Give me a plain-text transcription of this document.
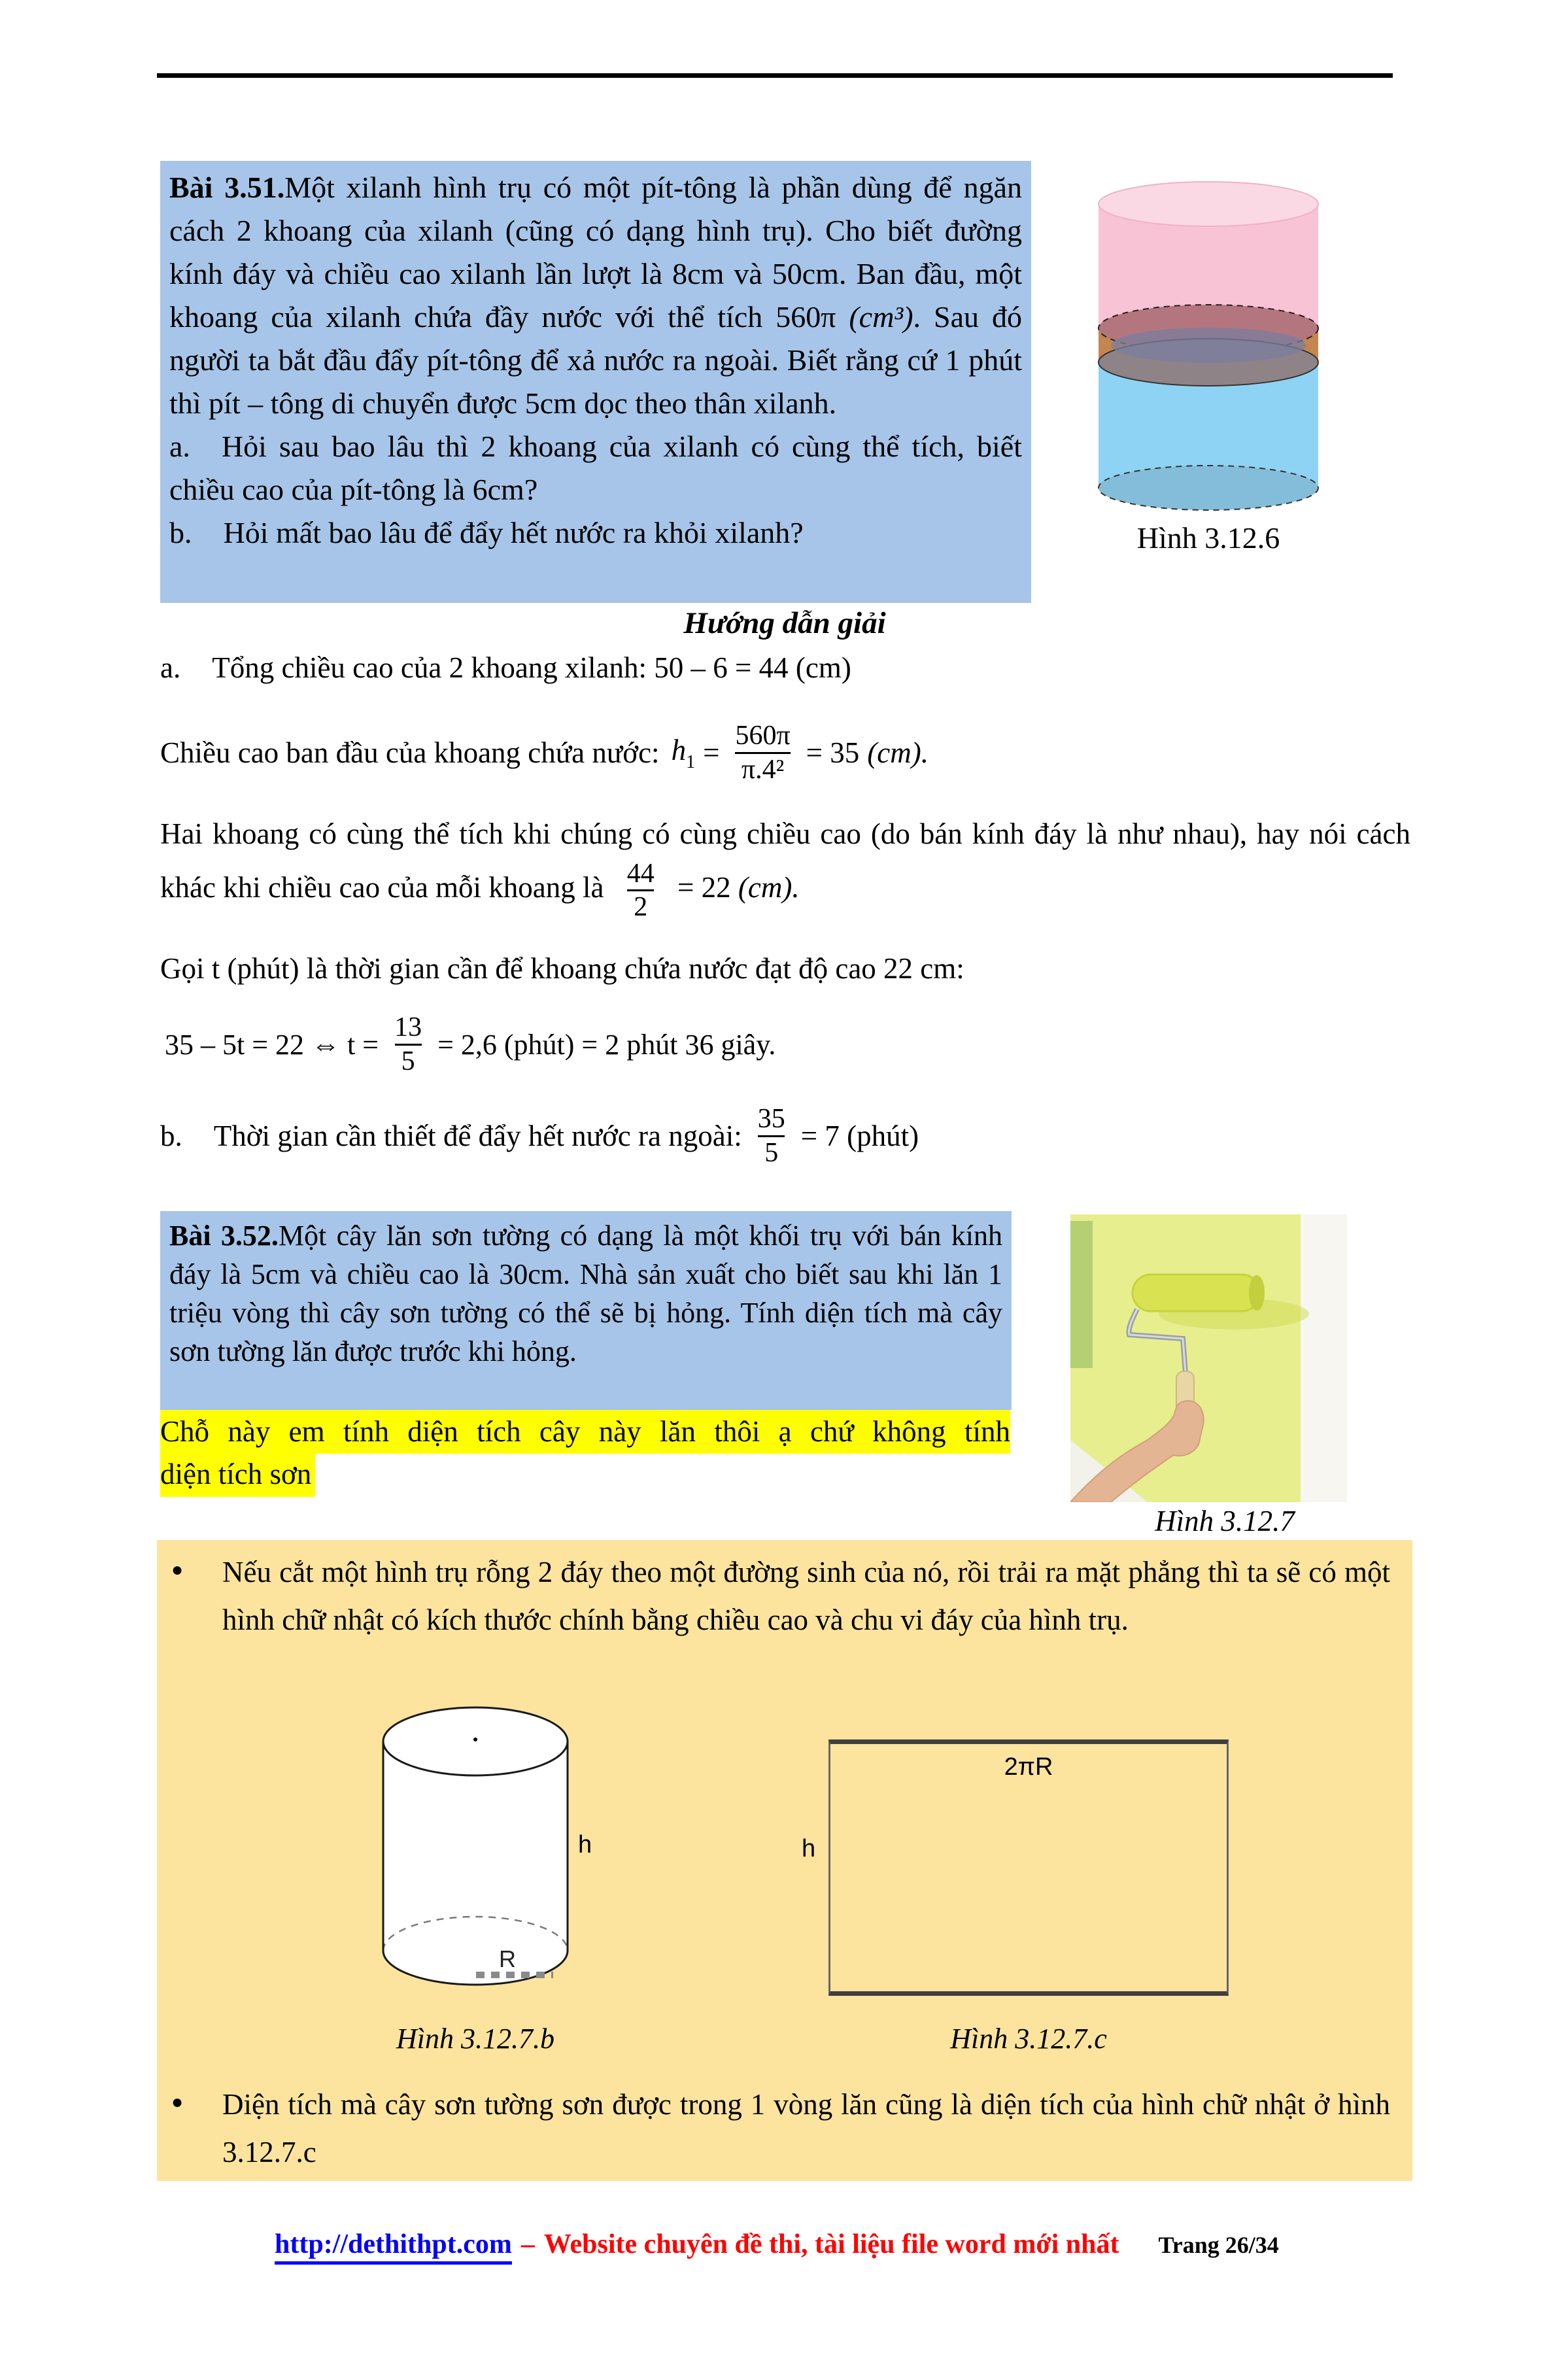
Bài 3.51.Một xilanh hình trụ có một pít-tông là phần dùng để ngăn cách 2 khoang của xilanh (cũng có dạng hình trụ). Cho biết đường kính đáy và chiều cao xilanh lần lượt là 8cm và 50cm. Ban đầu, một khoang của xilanh chứa đầy nước với thể tích 560π (cm³). Sau đó người ta bắt đầu đẩy pít-tông để xả nước ra ngoài. Biết rằng cứ 1 phút thì pít – tông di chuyển được 5cm dọc theo thân xilanh.

a. Hỏi sau bao lâu thì 2 khoang của xilanh có cùng thể tích, biết chiều cao của pít-tông là 6cm?

b. Hỏi mất bao lâu để đẩy hết nước ra khỏi xilanh?	Hình 3.12.6
Hướng dẫn giải
a. Tổng chiều cao của 2 khoang xilanh: 50 – 6 = 44 (cm)
Chiều cao ban đầu của khoang chứa nước: $h_1 = \frac{560\pi}{\text{π.4²}} = 35$ (cm).
Hai khoang có cùng thể tích khi chúng có cùng chiều cao (do bán kính đáy là như nhau), hay nói cách khác khi chiều cao của mỗi khoang là $\frac{44}{2} = 22$ (cm).
Gọi t (phút) là thời gian cần để khoang chứa nước đạt độ cao 22 cm:
35 – 5t = 22 ⇔ $t = \frac{13}{5} = 2,6$ (phút) = 2 phút 36 giây.
b. Thời gian cần thiết để đẩy hết nước ra ngoài: $\frac{35}{5} = 7$ (phút)

Bài 3.52.Một cây lăn sơn tường có dạng là một khối trụ với bán kính đáy là 5cm và chiều cao là 30cm. Nhà sản xuất cho biết sau khi lăn 1 triệu vòng thì cây sơn tường có thể sẽ bị hỏng. Tính diện tích mà cây sơn tường lăn được trước khi hỏng.

Chỗ này em tính diện tích cây này lăn thôi ạ chứ không tính
diện tích sơn
Hình 3.12.7
●	Nếu cắt một hình trụ rỗng 2 đáy theo một đường sinh của nó, rồi trải ra mặt phẳng thì ta sẽ có một hình chữ nhật có kích thước chính bằng chiều cao và chu vi đáy của hình trụ.
R
h
2πR
h
Hình 3.12.7.b	Hình 3.12.7.c
●	Diện tích mà cây sơn tường sơn được trong 1 vòng lăn cũng là diện tích của hình chữ nhật ở hình 3.12.7.c
http://dethithpt.com – Website chuyên đề thi, tài liệu file word mới nhất Trang 26/34
